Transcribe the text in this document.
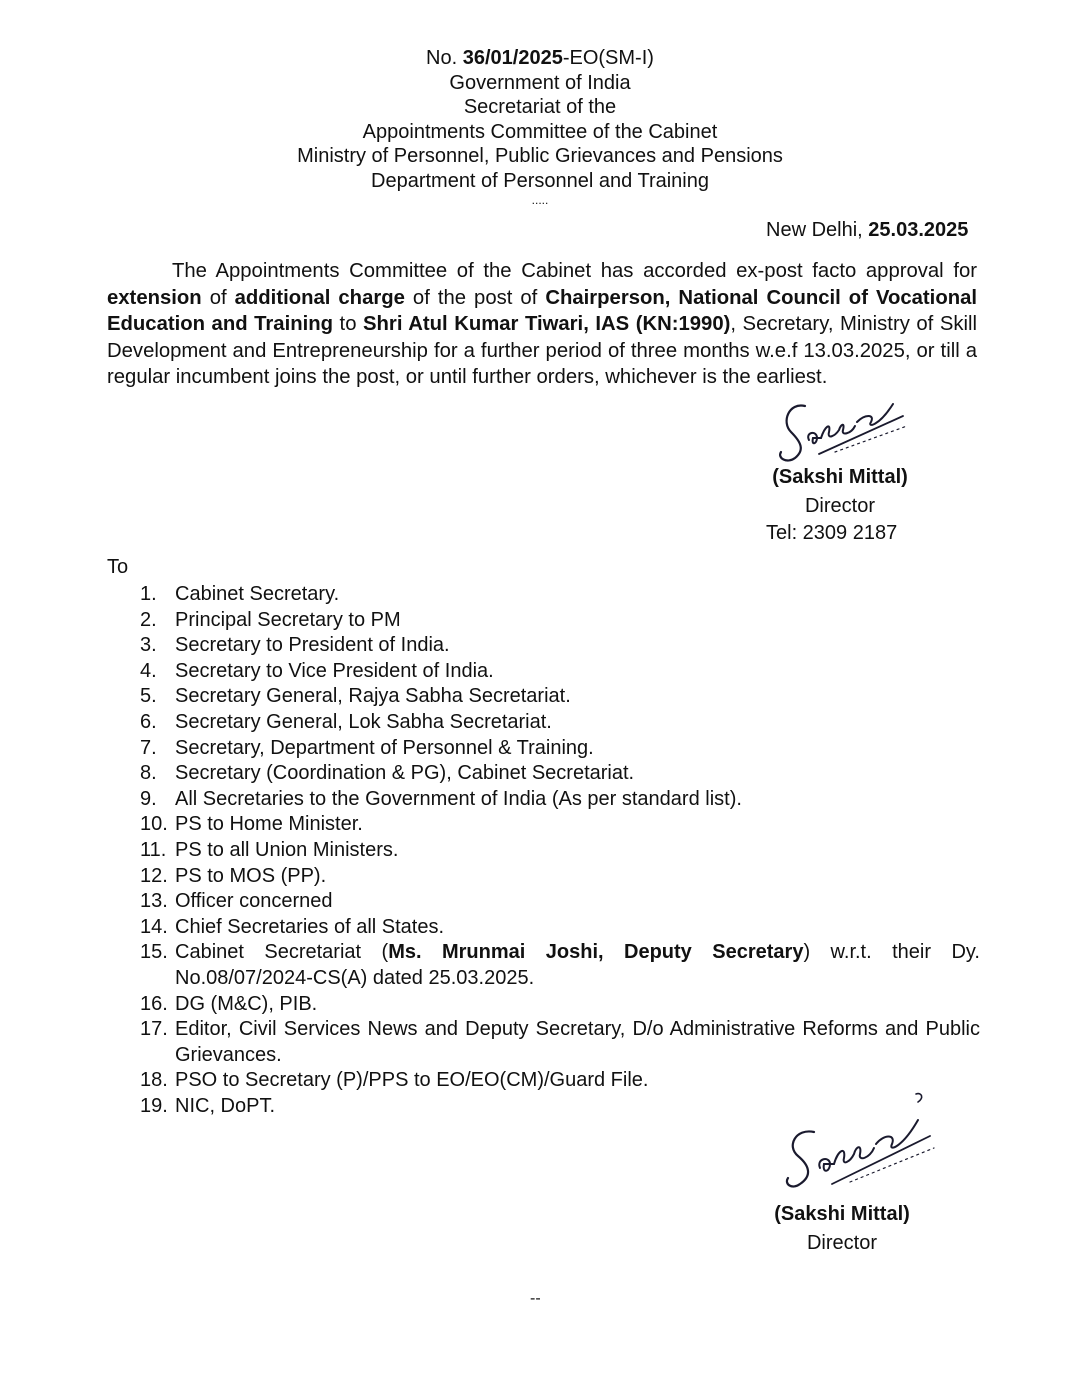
No. 36/01/2025-EO(SM-I)
Government of India
Secretariat of the
Appointments Committee of the Cabinet
Ministry of Personnel, Public Grievances and Pensions
Department of Personnel and Training
.....
New Delhi, 25.03.2025
The Appointments Committee of the Cabinet has accorded ex-post facto approval for extension of additional charge of the post of Chairperson, National Council of Vocational Education and Training to Shri Atul Kumar Tiwari, IAS (KN:1990), Secretary, Ministry of Skill Development and Entrepreneurship for a further period of three months w.e.f 13.03.2025, or till a regular incumbent joins the post, or until further orders, whichever is the earliest.
(Sakshi Mittal)
Director
Tel: 2309 2187
To
1. Cabinet Secretary.
2. Principal Secretary to PM
3. Secretary to President of India.
4. Secretary to Vice President of India.
5. Secretary General, Rajya Sabha Secretariat.
6. Secretary General, Lok Sabha Secretariat.
7. Secretary, Department of Personnel & Training.
8. Secretary (Coordination & PG), Cabinet Secretariat.
9. All Secretaries to the Government of India (As per standard list).
10. PS to Home Minister.
11. PS to all Union Ministers.
12. PS to MOS (PP).
13. Officer concerned
14. Chief Secretaries of all States.
15. Cabinet Secretariat (Ms. Mrunmai Joshi, Deputy Secretary) w.r.t. their Dy. No.08/07/2024-CS(A) dated 25.03.2025.
16. DG (M&C), PIB.
17. Editor, Civil Services News and Deputy Secretary, D/o Administrative Reforms and Public Grievances.
18. PSO to Secretary (P)/PPS to EO/EO(CM)/Guard File.
19. NIC, DoPT.
(Sakshi Mittal)
Director
--
